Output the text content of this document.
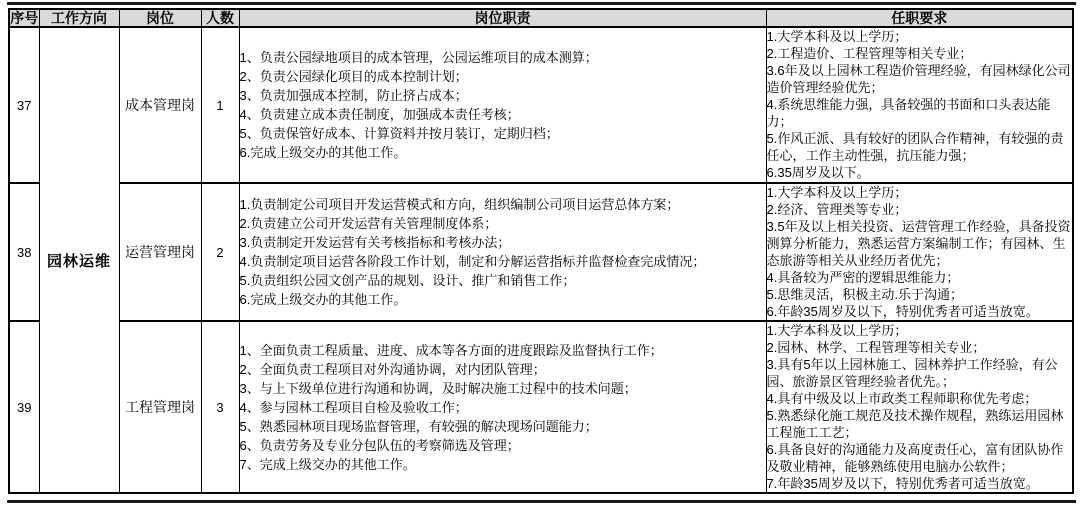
序号	工作方向	岗位	人数	岗位职责	任职要求
37	园林运维	成本管理岗	1	
1、负责公园绿地项目的成本管理，公园运维项目的成本测算；
2、负责公园绿化项目的成本控制计划；
3、负责加强成本控制，防止挤占成本；
4、负责建立成本责任制度，加强成本责任考核；
5、负责保管好成本、计算资料并按月装订，定期归档；
6.完成上级交办的其他工作。

1.大学本科及以上学历；
2.工程造价、工程管理等相关专业；
3.6年及以上园林工程造价管理经验，有园林绿化公司造价管理经验优先；
4.系统思维能力强，具备较强的书面和口头表达能力；
5.作风正派、具有较好的团队合作精神，有较强的责任心，工作主动性强，抗压能力强；
6.35周岁及以下。

38	运营管理岗	2	
1.负责制定公司项目开发运营模式和方向，组织编制公司项目运营总体方案；
2.负责建立公司开发运营有关管理制度体系；
3.负责制定开发运营有关考核指标和考核办法；
4.负责制定项目运营各阶段工作计划，制定和分解运营指标并监督检查完成情况；
5.负责组织公园文创产品的规划、设计、推广和销售工作；
6.完成上级交办的其他工作。

1.大学本科及以上学历；
2.经济、管理类等专业；
3.5年及以上相关投资、运营管理工作经验，具备投资测算分析能力，熟悉运营方案编制工作；有园林、生态旅游等相关从业经历者优先；
4.具备较为严密的逻辑思维能力；
5.思维灵活，积极主动.乐于沟通；
6.年龄35周岁及以下，特别优秀者可适当放宽。

39	工程管理岗	3	
1、全面负责工程质量、进度、成本等各方面的进度跟踪及监督执行工作；
2、全面负责工程项目对外沟通协调，对内团队管理；
3、与上下级单位进行沟通和协调，及时解决施工过程中的技术问题；
4、参与园林工程项目自检及验收工作；
5、熟悉园林项目现场监督管理，有较强的解决现场问题能力；
6、负责劳务及专业分包队伍的考察筛选及管理；
7、完成上级交办的其他工作。

1.大学本科及以上学历；
2.园林、林学、工程管理等相关专业；
3.具有5年以上园林施工、园林养护工作经验，有公园、旅游景区管理经验者优先。；
4.具有中级及以上市政类工程师职称优先考虑；
5.熟悉绿化施工规范及技术操作规程，熟练运用园林工程施工工艺；
6.具备良好的沟通能力及高度责任心，富有团队协作及敬业精神，能够熟练使用电脑办公软件；
7.年龄35周岁及以下，特别优秀者可适当放宽。
